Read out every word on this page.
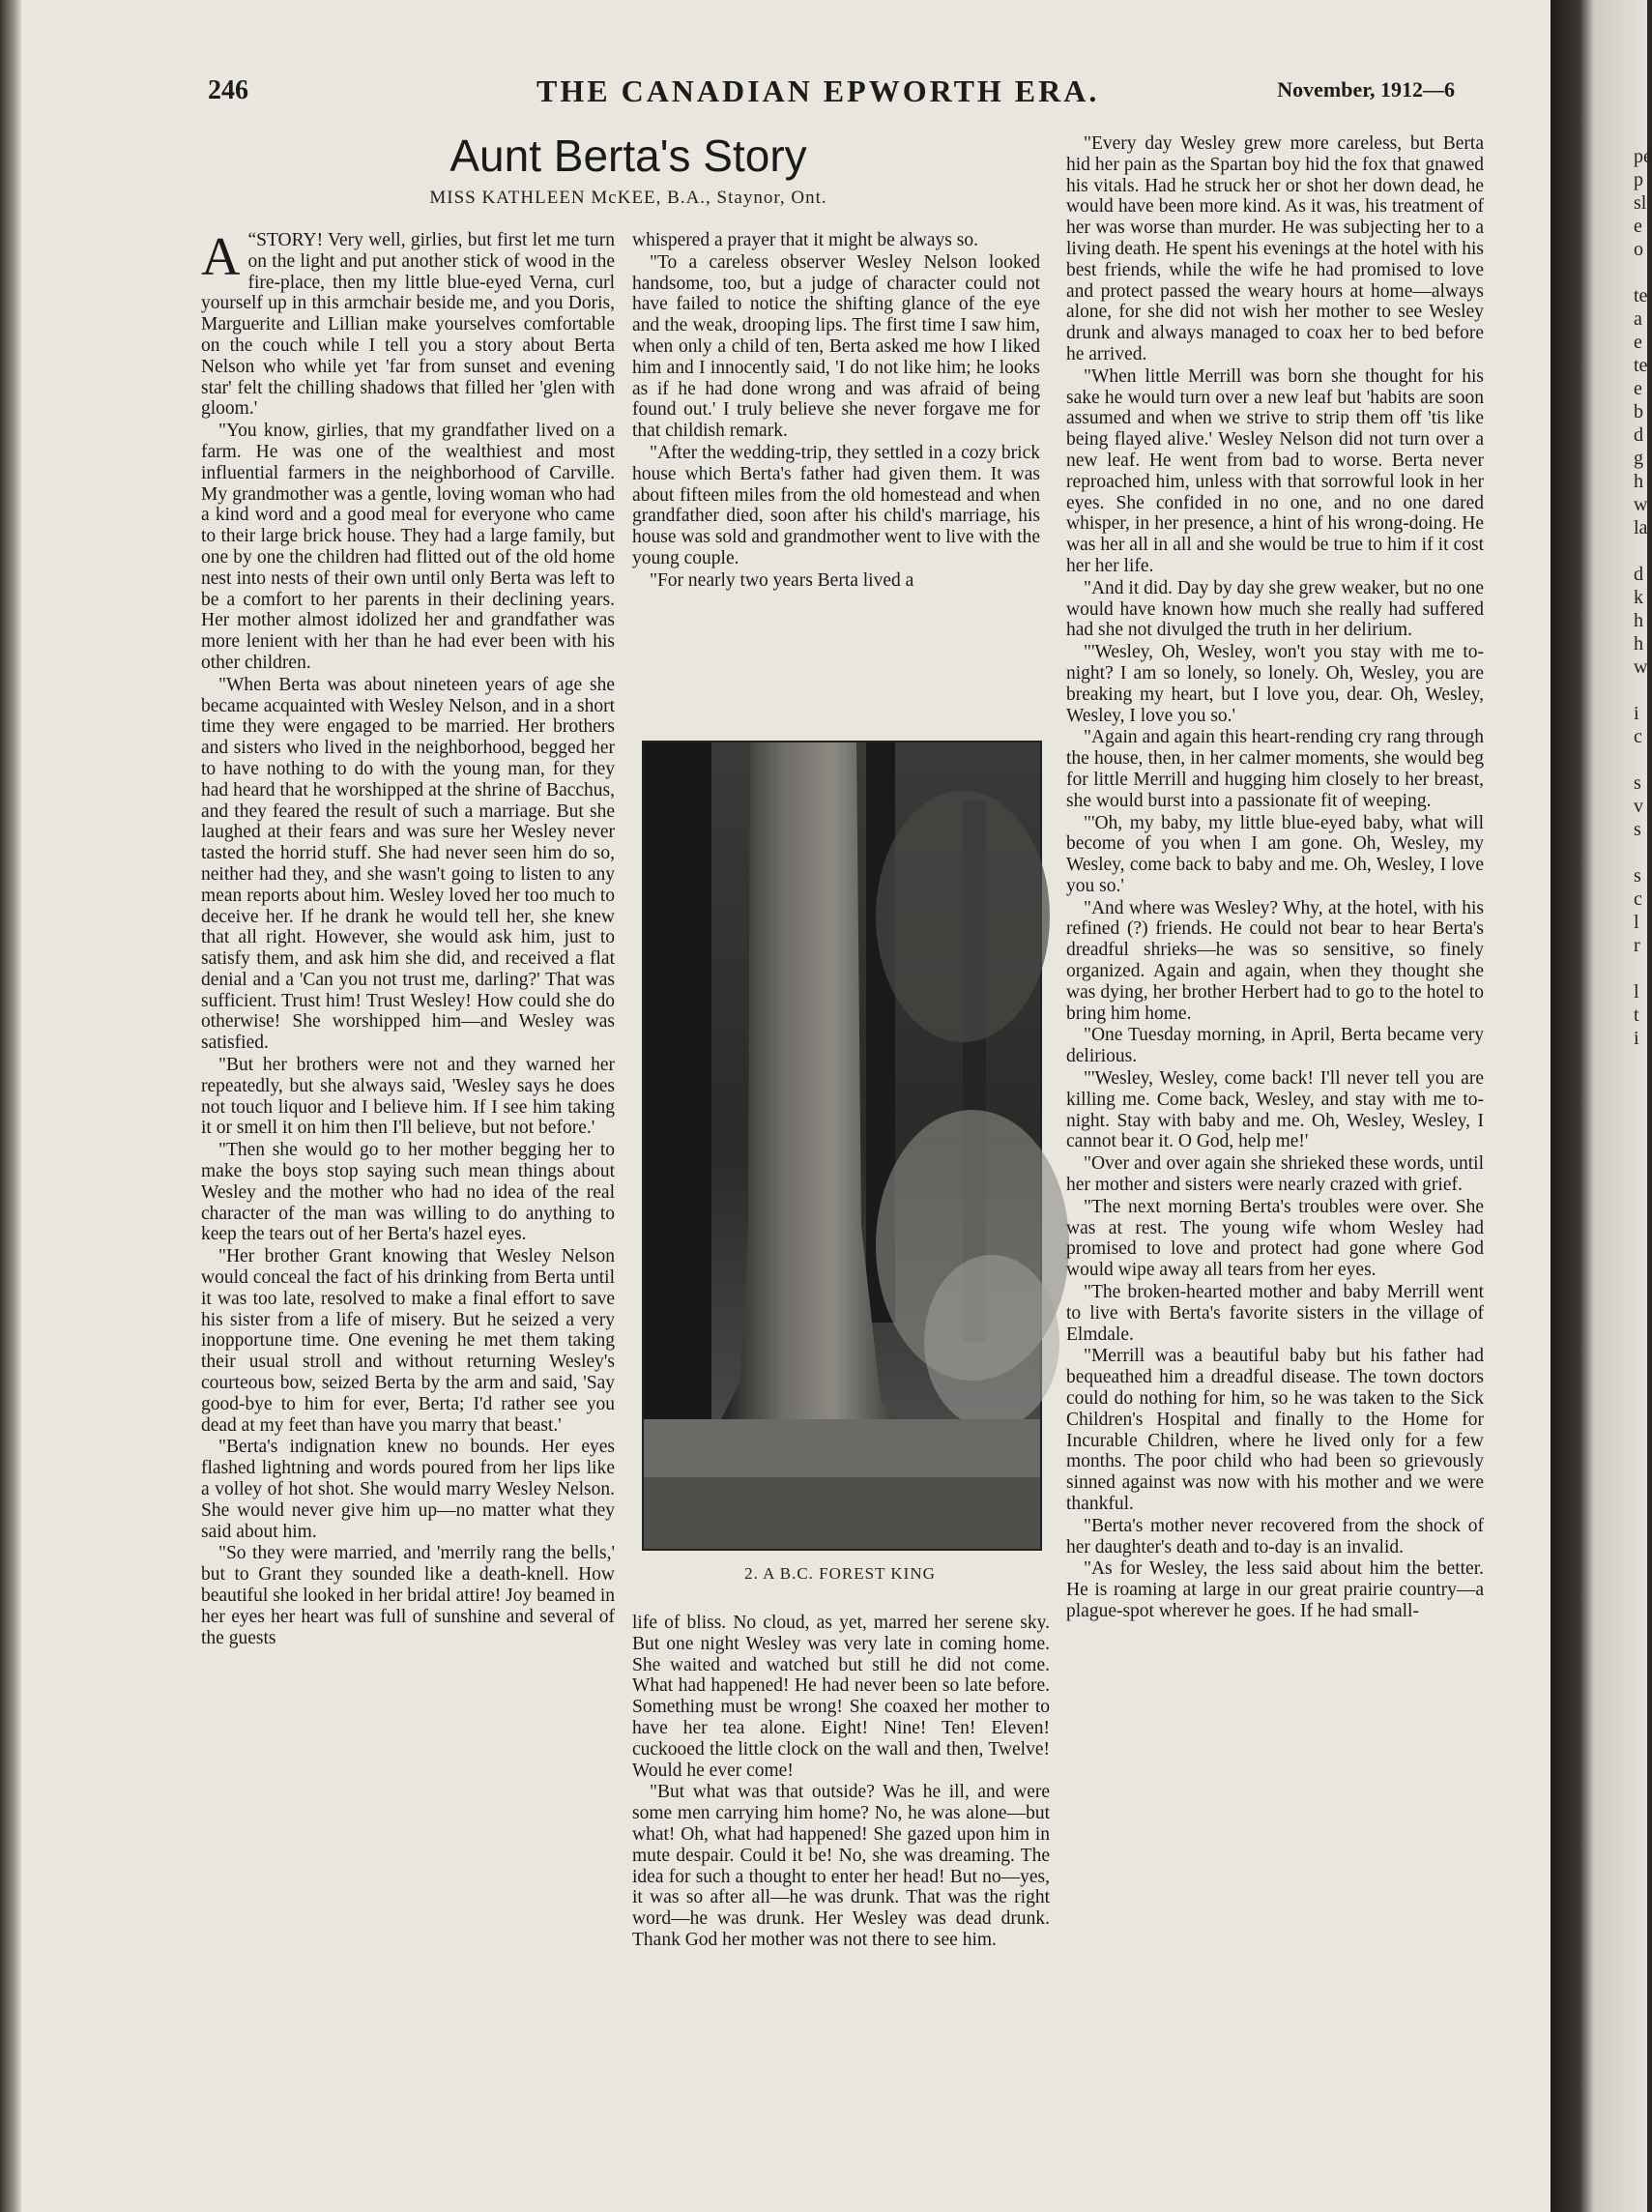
246	THE CANADIAN EPWORTH ERA.	November, 1912—6
Aunt Berta's Story
MISS KATHLEEN McKEE, B.A., Staynor, Ont.

“
A STORY! Very well, girlies, but first let me turn on the light and put another stick of wood in the fire-place, then my little blue-eyed Verna, curl yourself up in this armchair beside me, and you Doris, Marguerite and Lillian make yourselves comfortable on the couch while I tell you a story about Berta Nelson who while yet 'far from sunset and evening star' felt the chilling shadows that filled her 'glen with gloom.'

"You know, girlies, that my grandfather lived on a farm. He was one of the wealthiest and most influential farmers in the neighborhood of Carville. My grandmother was a gentle, loving woman who had a kind word and a good meal for everyone who came to their large brick house. They had a large family, but one by one the children had flitted out of the old home nest into nests of their own until only Berta was left to be a comfort to her parents in their declining years. Her mother almost idolized her and grandfather was more lenient with her than he had ever been with his other children.

"When Berta was about nineteen years of age she became acquainted with Wesley Nelson, and in a short time they were engaged to be married. Her brothers and sisters who lived in the neighborhood, begged her to have nothing to do with the young man, for they had heard that he worshipped at the shrine of Bacchus, and they feared the result of such a marriage. But she laughed at their fears and was sure her Wesley never tasted the horrid stuff. She had never seen him do so, neither had they, and she wasn't going to listen to any mean reports about him. Wesley loved her too much to deceive her. If he drank he would tell her, she knew that all right. However, she would ask him, just to satisfy them, and ask him she did, and received a flat denial and a 'Can you not trust me, darling?' That was sufficient. Trust him! Trust Wesley! How could she do otherwise! She worshipped him—and Wesley was satisfied.

"But her brothers were not and they warned her repeatedly, but she always said, 'Wesley says he does not touch liquor and I believe him. If I see him taking it or smell it on him then I'll believe, but not before.'

"Then she would go to her mother begging her to make the boys stop saying such mean things about Wesley and the mother who had no idea of the real character of the man was willing to do anything to keep the tears out of her Berta's hazel eyes.

"Her brother Grant knowing that Wesley Nelson would conceal the fact of his drinking from Berta until it was too late, resolved to make a final effort to save his sister from a life of misery. But he seized a very inopportune time. One evening he met them taking their usual stroll and without returning Wesley's courteous bow, seized Berta by the arm and said, 'Say good-bye to him for ever, Berta; I'd rather see you dead at my feet than have you marry that beast.'

"Berta's indignation knew no bounds. Her eyes flashed lightning and words poured from her lips like a volley of hot shot. She would marry Wesley Nelson. She would never give him up—no matter what they said about him.

"So they were married, and 'merrily rang the bells,' but to Grant they sounded like a death-knell. How beautiful she looked in her bridal attire! Joy beamed in her eyes her heart was full of sunshine and several of the guests

whispered a prayer that it might be always so.

"To a careless observer Wesley Nelson looked handsome, too, but a judge of character could not have failed to notice the shifting glance of the eye and the weak, drooping lips. The first time I saw him, when only a child of ten, Berta asked me how I liked him and I innocently said, 'I do not like him; he looks as if he had done wrong and was afraid of being found out.' I truly believe she never forgave me for that childish remark.

"After the wedding-trip, they settled in a cozy brick house which Berta's father had given them. It was about fifteen miles from the old homestead and when grandfather died, soon after his child's marriage, his house was sold and grandmother went to live with the young couple.

"For nearly two years Berta lived a

2. A B.C. FOREST KING

life of bliss. No cloud, as yet, marred her serene sky. But one night Wesley was very late in coming home. She waited and watched but still he did not come. What had happened! He had never been so late before. Something must be wrong! She coaxed her mother to have her tea alone. Eight! Nine! Ten! Eleven! cuckooed the little clock on the wall and then, Twelve! Would he ever come!

"But what was that outside? Was he ill, and were some men carrying him home? No, he was alone—but what! Oh, what had happened! She gazed upon him in mute despair. Could it be! No, she was dreaming. The idea for such a thought to enter her head! But no—yes, it was so after all—he was drunk. That was the right word—he was drunk. Her Wesley was dead drunk. Thank God her mother was not there to see him.

"Every day Wesley grew more careless, but Berta hid her pain as the Spartan boy hid the fox that gnawed his vitals. Had he struck her or shot her down dead, he would have been more kind. As it was, his treatment of her was worse than murder. He was subjecting her to a living death. He spent his evenings at the hotel with his best friends, while the wife he had promised to love and protect passed the weary hours at home—always alone, for she did not wish her mother to see Wesley drunk and always managed to coax her to bed before he arrived.

"When little Merrill was born she thought for his sake he would turn over a new leaf but 'habits are soon assumed and when we strive to strip them off 'tis like being flayed alive.' Wesley Nelson did not turn over a new leaf. He went from bad to worse. Berta never reproached him, unless with that sorrowful look in her eyes. She confided in no one, and no one dared whisper, in her presence, a hint of his wrong-doing. He was her all in all and she would be true to him if it cost her her life.

"And it did. Day by day she grew weaker, but no one would have known how much she really had suffered had she not divulged the truth in her delirium.

"'Wesley, Oh, Wesley, won't you stay with me to-night? I am so lonely, so lonely. Oh, Wesley, you are breaking my heart, but I love you, dear. Oh, Wesley, Wesley, I love you so.'

"Again and again this heart-rending cry rang through the house, then, in her calmer moments, she would beg for little Merrill and hugging him closely to her breast, she would burst into a passionate fit of weeping.

"'Oh, my baby, my little blue-eyed baby, what will become of you when I am gone. Oh, Wesley, my Wesley, come back to baby and me. Oh, Wesley, I love you so.'

"And where was Wesley? Why, at the hotel, with his refined (?) friends. He could not bear to hear Berta's dreadful shrieks—he was so sensitive, so finely organized. Again and again, when they thought she was dying, her brother Herbert had to go to the hotel to bring him home.

"One Tuesday morning, in April, Berta became very delirious.

"'Wesley, Wesley, come back! I'll never tell you are killing me. Come back, Wesley, and stay with me to-night. Stay with baby and me. Oh, Wesley, Wesley, I cannot bear it. O God, help me!'

"Over and over again she shrieked these words, until her mother and sisters were nearly crazed with grief.

"The next morning Berta's troubles were over. She was at rest. The young wife whom Wesley had promised to love and protect had gone where God would wipe away all tears from her eyes.

"The broken-hearted mother and baby Merrill went to live with Berta's favorite sisters in the village of Elmdale.

"Merrill was a beautiful baby but his father had bequeathed him a dreadful disease. The town doctors could do nothing for him, so he was taken to the Sick Children's Hospital and finally to the Home for Incurable Children, where he lived only for a few months. The poor child who had been so grievously sinned against was now with his mother and we were thankful.

"Berta's mother never recovered from the shock of her daughter's death and to-day is an invalid.

"As for Wesley, the less said about him the better. He is roaming at large in our great prairie country—a plague-spot wherever he goes. If he had small-

pe
p
sl
e
o

te
a
e
te
e
b
d
g
h
w
la

d
k
h
h
w

i
c

s
v
s

s
c
l
r

l
t
i
